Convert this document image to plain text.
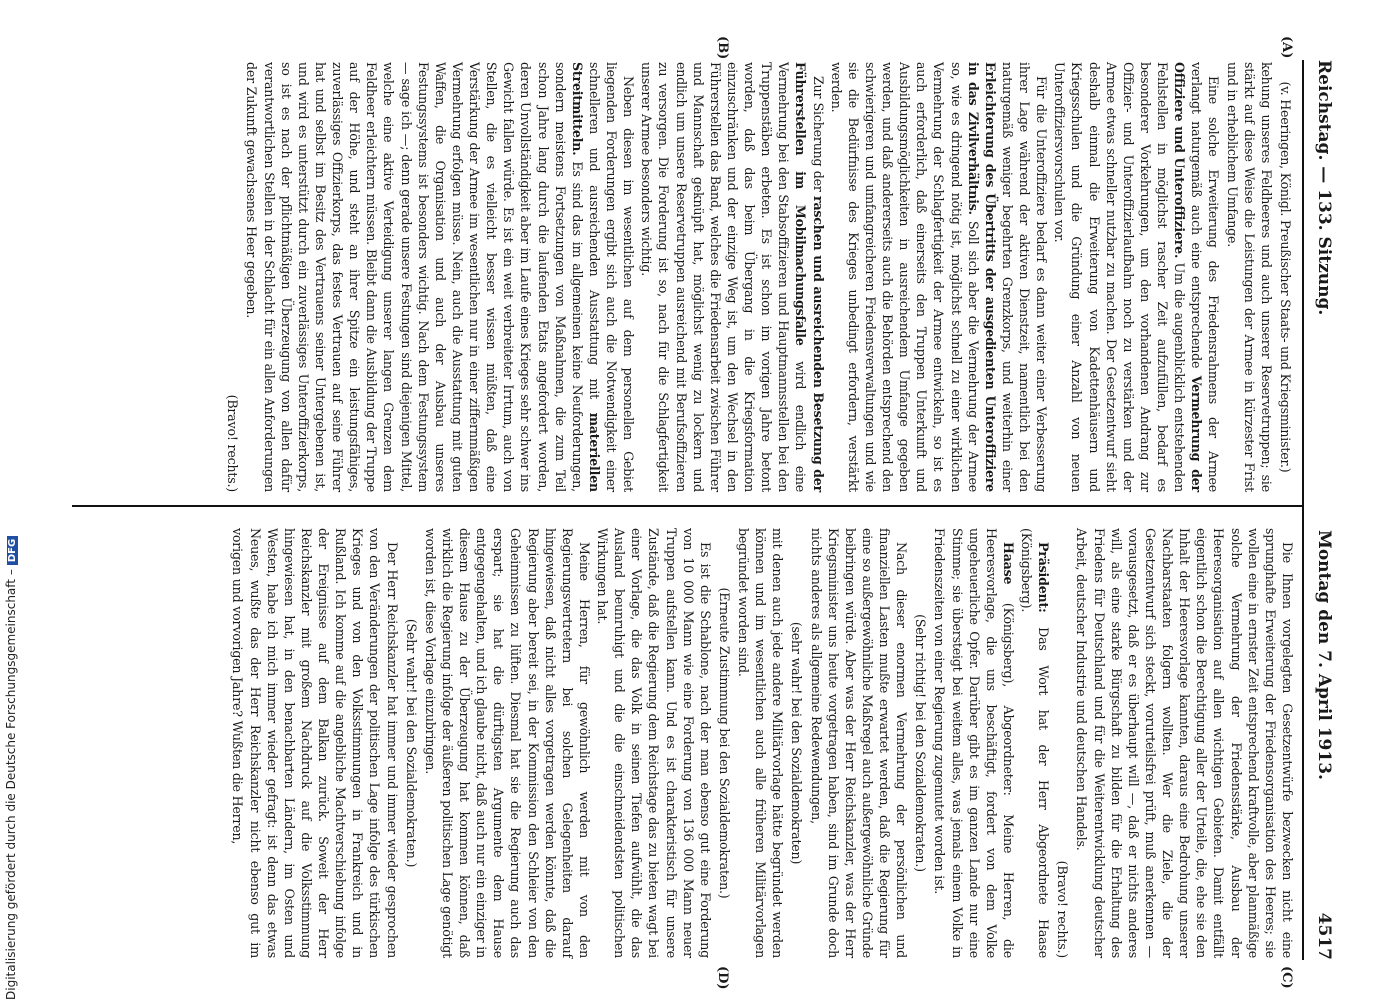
Reichstag. — 133. Sitzung.
Montag den 7. April 1913.
4517
(A)
(B)
(C)
(D)

(v. Heeringen, Königl. Preußischer Staats- und Kriegsminister.)

kehung unseres Feldheeres und auch unserer Reservetruppen; sie stärkt auf diese Weise die Leistungen der Armee in kürzester Frist und in erheblichem Umfange.

Eine solche Erweiterung des Friedensrahmens der Armee verlangt naturgemäß auch eine entsprechende Vermehrung der Offiziere und Unteroffiziere. Um die augenblicklich entstehenden Fehlstellen in möglichst rascher Zeit aufzufüllen, bedarf es besonderer Vorkehrungen, um den vorhandenen Andrang zur Offizier- und Unteroffizierlaufbahn noch zu verstärken und der Armee etwas schneller nutzbar zu machen. Der Gesetzentwurf sieht deshalb einmal die Erweiterung von Kadettenhäusern und Kriegsschulen und die Gründung einer Anzahl von neuen Unteroffiziersvorschulen vor.

Für die Unteroffiziere bedarf es dann weiter einer Verbesserung ihrer Lage während der aktiven Dienstzeit, namentlich bei den naturgemäß weniger begehrten Grenzkorps, und weiterhin einer Erleichterung des Übertritts der ausgedienten Unteroffiziere in das Zivilverhältnis. Soll sich aber die Vermehrung der Armee so, wie es dringend nötig ist, möglichst schnell zu einer wirklichen Vermehrung der Schlagfertigkeit der Armee entwickeln, so ist es auch erforderlich, daß einerseits den Truppen Unterkunft und Ausbildungsmöglichkeiten in ausreichendem Umfange gegeben werden, und daß andererseits auch die Behörden entsprechend den schwierigeren und umfangreicheren Friedensverwaltungen und wie sie die Bedürfnisse des Krieges unbedingt erfordern, verstärkt werden.

Zur Sicherung der raschen und ausreichenden Besetzung der Führerstellen im Mobilmachungsfalle wird endlich eine Vermehrung bei den Stabsoffizieren und Hauptmannsstellen bei den Truppenstäben erbeten. Es ist schon im vorigen Jahre betont worden, daß das beim Übergang in die Kriegsformation einzuschränken und der einzige Weg ist, um den Wechsel in den Führerstellen das Band, welches die Friedensarbeit zwischen Führer und Mannschaft geknüpft hat, möglichst wenig zu lockern und endlich um unsere Reservetruppen ausreichend mit Berufsoffizieren zu versorgen. Die Forderung ist so, nach für die Schlagfertigkeit unserer Armee besonders wichtig.

Neben diesen im wesentlichen auf dem personellen Gebiet liegenden Forderungen ergibt sich auch die Notwendigkeit einer schnelleren und ausreichenden Ausstattung mit materiellen Streitmitteln. Es sind das im allgemeinen keine Neuforderungen, sondern meistens Fortsetzungen von Maßnahmen, die zum Teil schon Jahre lang durch die laufenden Etats angefordert worden, deren Unvollständigkeit aber im Laufe eines Krieges sehr schwer ins Gewicht fallen würde. Es ist ein weit verbreiteter Irrtum, auch von Stellen, die es vielleicht besser wissen müßten, daß eine Verstärkung der Armee im wesentlichen nur in einer ziffernmäßigen Vermehrung erfolgen müsse. Nein, auch die Ausstattung mit guten Waffen, die Organisation und auch der Ausbau unseres Festungssystems ist besonders wichtig. Nach dem Festungssystem — sage ich —; denn gerade unsere Festungen sind diejenigen Mittel, welche eine aktive Verteidigung unserer langen Grenzen dem Feldheer erleichtern müssen. Bleibt dann die Ausbildung der Truppe auf der Höhe, und steht an ihrer Spitze ein leistungsfähiges, zuverlässiges Offizierkorps, das festes Vertrauen auf seine Führer hat und selbst im Besitz des Vertrauens seiner Untergebenen ist, und wird es unterstützt durch ein zuverlässiges Unteroffizierkorps, so ist es nach der pflichtmäßigen Überzeugung von allen dafür verantwortlichen Stellen in der Schlacht für ein allen Anforderungen der Zukunft gewachsenes Heer gegeben.

(Bravo! rechts.)

Die Ihnen vorgelegten Gesetzentwürfe bezwecken nicht eine sprunghafte Erweiterung der Friedensorganisation des Heeres; sie wollen eine in ernster Zeit entsprechend kraftvolle, aber planmäßige solche Vermehrung der Friedensstärke, Ausbau der Heeresorganisation auf allen wichtigen Gebieten. Damit entfällt eigentlich schon die Berechtigung aller der Urteile, die, ehe sie den Inhalt der Heeresvorlage kannten, daraus eine Bedrohung unserer Nachbarstaaten folgern wollten. Wer die Ziele, die der Gesetzentwurf sich steckt, vorurteilsfrei prüft, muß anerkennen — vorausgesetzt, daß er es überhaupt will —, daß er nichts anderes will, als eine starke Bürgschaft zu bilden für die Erhaltung des Friedens für Deutschland und für die Weiterentwicklung deutscher Arbeit, deutscher Industrie und deutschen Handels.

(Bravo! rechts.)

Präsident: Das Wort hat der Herr Abgeordnete Haase (Königsberg).

Haase (Königsberg), Abgeordneter: Meine Herren, die Heeresvorlage, die uns beschäftigt, fordert von dem Volke ungeheuerliche Opfer. Darüber gibt es im ganzen Lande nur eine Stimme; sie übersteigt bei weitem alles, was jemals einem Volke in Friedenszeiten von einer Regierung zugemutet worden ist.

(Sehr richtig! bei den Sozialdemokraten.)

Nach dieser enormen Vermehrung der persönlichen und finanziellen Lasten mußte erwartet werden, daß die Regierung für eine so außergewöhnliche Maßregel auch außergewöhnliche Gründe beibringen würde. Aber was der Herr Reichskanzler, was der Herr Kriegsminister uns heute vorgetragen haben, sind im Grunde doch nichts anderes als allgemeine Redewendungen,

(sehr wahr! bei den Sozialdemokraten)

mit denen auch jede andere Militärvorlage hätte begründet werden können und im wesentlichen auch alle früheren Militärvorlagen begründet worden sind.

(Erneute Zustimmung bei den Sozialdemokraten.)

Es ist die Schablone, nach der man ebenso gut eine Forderung von 10 000 Mann wie eine Forderung von 136 000 Mann neuer Truppen aufstellen kann. Und es ist charakteristisch für unsere Zustände, daß die Regierung dem Reichstage das zu bieten wagt bei einer Vorlage, die das Volk in seinen Tiefen aufwühlt, die das Ausland beunruhigt und die die einschneidendsten politischen Wirkungen hat.

Meine Herren, für gewöhnlich werden mit von den Regierungsvertretern bei solchen Gelegenheiten darauf hingewiesen, daß nicht alles vorgetragen werden könnte, daß die Regierung aber bereit sei, in der Kommission den Schleier von den Geheimnissen zu lüften. Diesmal hat sie die Regierung auch das erspart; sie hat die dürftigsten Argumente dem Hause entgegengehalten, und ich glaube nicht, daß auch nur ein einziger in diesem Hause zu der Überzeugung hat kommen können, daß wirklich die Regierung infolge der äußeren politischen Lage genötigt worden ist, diese Vorlage einzubringen.

(Sehr wahr! bei den Sozialdemokraten.)

Der Herr Reichskanzler hat immer und immer wieder gesprochen von den Veränderungen der politischen Lage infolge des türkischen Krieges und von den Volksstimmungen in Frankreich und in Rußland. Ich komme auf die angebliche Machtverschiebung infolge der Ereignisse auf dem Balkan zurück. Soweit der Herr Reichskanzler mit großem Nachdruck auf die Volksstimmung hingewiesen hat, in den benachbarten Ländern, im Osten und Westen, habe ich mich immer wieder gefragt: ist denn das etwas Neues, wußte das der Herr Reichskanzler nicht ebenso gut im vorigen und vorvorigen Jahre? Wußten die Herren,

Digitalisierung gefördert durch die Deutsche Forschungsgemeinschaft –DFG
